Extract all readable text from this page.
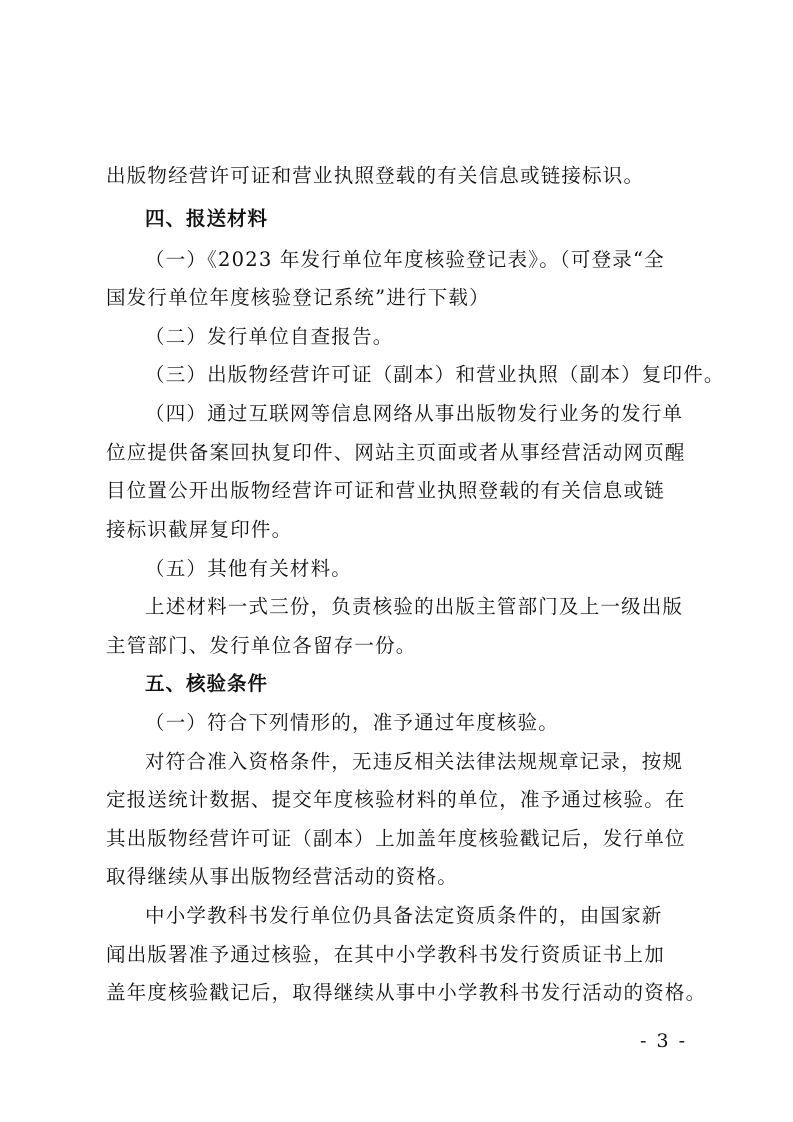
出版物经营许可证和营业执照登载的有关信息或链接标识。
四、报送材料
（一）《2023 年发行单位年度核验登记表》。（可登录“全
国发行单位年度核验登记系统”进行下载）
（二）发行单位自查报告。
（三）出版物经营许可证（副本）和营业执照（副本）复印件。
（四）通过互联网等信息网络从事出版物发行业务的发行单
位应提供备案回执复印件、网站主页面或者从事经营活动网页醒
目位置公开出版物经营许可证和营业执照登载的有关信息或链
接标识截屏复印件。
（五）其他有关材料。
上述材料一式三份，负责核验的出版主管部门及上一级出版
主管部门、发行单位各留存一份。
五、核验条件
（一）符合下列情形的，准予通过年度核验。
对符合准入资格条件，无违反相关法律法规规章记录，按规
定报送统计数据、提交年度核验材料的单位，准予通过核验。在
其出版物经营许可证（副本）上加盖年度核验戳记后，发行单位
取得继续从事出版物经营活动的资格。
中小学教科书发行单位仍具备法定资质条件的，由国家新
闻出版署准予通过核验，在其中小学教科书发行资质证书上加
盖年度核验戳记后，取得继续从事中小学教科书发行活动的资格。
- 3 -
